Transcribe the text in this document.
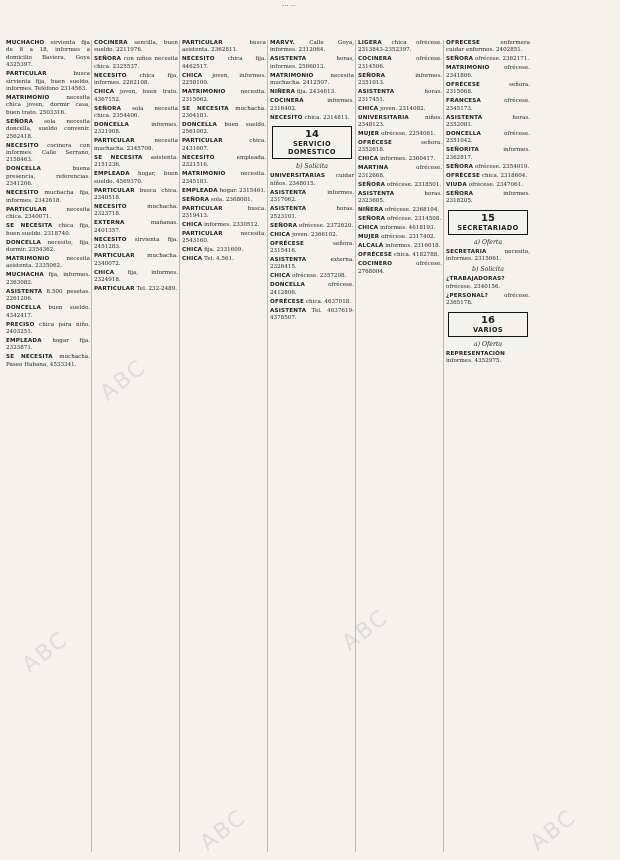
··· ··
MUCHACHO sirvienta fija de 8 a 18, informes a domicilio Baviera, Goya 4325397.
PARTICULAR	busca sirvienta fija, buen sueldo, informes. Teléfono 2314563.
MATRIMONIO	necesita chica joven, dormir casa, buen trato. 2503316.
SEÑORA sola necesita doncella, sueldo convenir. 2562418.
NECESITO cocinera con informes. Calle Serrano, 2158463.
DONCELLA	buena presencia, referencias. 2341206.
NECESITO muchacha fija, informes. 2342618.
PARTICULAR	necesita chica. 2340071.
SE NECESITA chica fija, buen sueldo. 2318740.
DONCELLA necesito, fija, dormir. 2354362.
MATRIMONIO	necesita asistenta. 2335062.
MUCHACHA fija, informes. 2363082.
ASISTENTA 8.500 pesetas. 2261206.
DONCELLA buen sueldo. 4342417.
PRECISO chica para niño. 2403251.
EMPLEADA hogar fija. 2323871.
SE NECESITA muchacha. Paseo Habana, 4533341.
COCINERA sencilla, buen sueldo. 2211976.
SEÑORA con niños necesita chica. 2325537.
NECESITO chica fija, informes. 2262108.
CHICA joven, buen trato. 4367152.
SEÑORA sola necesita chica. 2354406.
DONCELLA	informes. 2321908.
PARTICULAR	necesita muchacha. 2345708.
SE NECESITA asistenta. 2151236.
EMPLEADA hogar, buen sueldo. 4569370.
PARTICULAR busca chica. 2340518.
NECESITO	muchacha. 2323718.
EXTERNA	mañanas. 2401357.
NECESITO sirvienta fija. 2451283.
PARTICULAR muchacha. 2340072.
CHICA fija, informes. 2324918.
PARTICULAR Tel. 232-2489.
PARTICULAR	busca asistenta. 2362811.
NECESITO chica fija. 4462517.
CHICA joven, informes. 2258100.
MATRIMONIO	necesita. 2315062.
SE NECESITA muchacha. 2304181.
DONCELLA buen sueldo. 2561002.
PARTICULAR	chica. 2431607.
NECESITO	empleada. 2321516.
MATRIMONIO	necesita. 2345181.
EMPLEADA hogar. 2315461.
SEÑORA sola. 2368081.
PARTICULAR	busca. 2319413.
CHICA informes. 2330512.
PARTICULAR	necesita. 2543160.
CHICA fija. 2331609.
CHICA Tel. 4.561.
MARVY.	Calle Goya, informes. 2312064.
ASISTENTA	horas, informes. 2506013.
MATRIMONIO	necesita muchacha. 2412507.
NIÑERA fija. 2434613.
COCINERA	informes. 2316402.
NECESITO chica. 2314811.
14
SERVICIO DOMESTICO
b) Solicita
UNIVERSITARIAS cuidar niños. 2348015.
ASISTENTA	informes. 2317062.
ASISTENTA	horas. 2523101.
SEÑORA ofrécese. 2372620.
CHICA joven. 2366102.
OFRÉCESE	señora. 2315416.
ASISTENTA	externa. 2326415.
CHICA ofrécese. 2357208.
DONCELLA	ofrécese. 2412806.
OFRÉCESE chica. 4637018.
ASISTENTA Tel. 4637619-4378507.
LIGERA chica ofrécese. 2313843-2352397.
COCINERA	ofrécese. 2314506.
SEÑORA	informes. 2351013.
ASISTENTA	horas. 2317451.
CHICA joven. 2314082.
UNIVERSITARIA	niños. 2348123.
MUJER ofrécese. 2254081.
OFRÉCESE	señora. 2352618.
CHICA informes. 2360417.
MARTINA	ofrécese. 2312668.
SEÑORA ofrécese. 2318501.
ASISTENTA	horas. 2323605.
NIÑERA ofrécese. 2368104.
SEÑORA ofrécese. 2314508.
CHICA informes. 4618193.
MUJER ofrécese. 2317402.
ALCALÁ informes. 2316018.
OFRÉCESE chica. 4182788.
COCINERO	ofrécese. 2768004.
OFRÉCESE	enfermera cuidar enfermos. 2402851.
SEÑORA ofrécese. 2362171.
MATRIMONIO	ofrécese. 2341806.
OFRÉCESE	señora. 2315068.
FRANCESA	ofrécese. 2345173.
ASISTENTA	horas. 2352081.
DONCELLA	ofrécese. 2351042.
SEÑORITA	informes. 2362817.
SEÑORA ofrécese. 2354019.
OFRÉCESE chica. 2318604.
VIUDA ofrécese. 2347061.
SEÑORA	informes. 2318205.
15
SECRETARIADO
a) Oferta
SECRETARIA	necesito, informes. 2315061.
b) Solicita
¿TRABAJADORAS? ofrécese. 2340156.
¿PERSONAL?	ofrécese. 2365178.
16
VARIOS
a) Oferta
REPRESENTACIÓN informes. 4352975.
ABC
ABC	ABC
ABC
ABC
